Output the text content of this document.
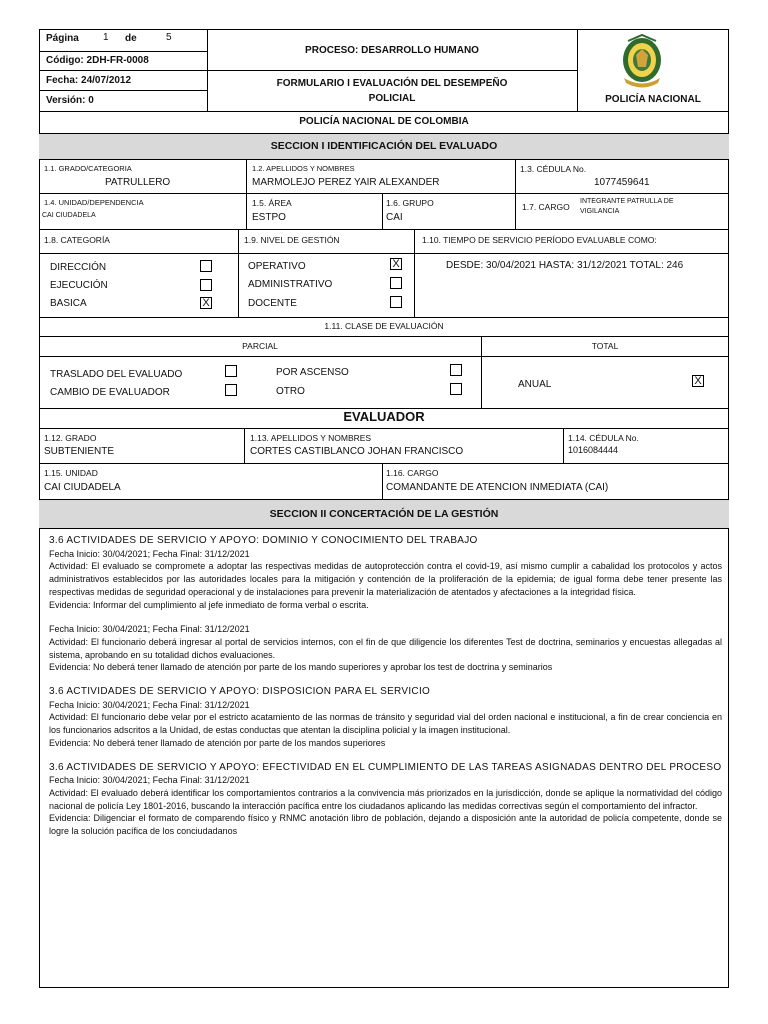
Página 1 de	5
Código: 2DH-FR-0008
Fecha: 24/07/2012
Versión: 0
PROCESO: DESARROLLO HUMANO
FORMULARIO I EVALUACIÓN DEL DESEMPEÑO
POLICIAL	POLICÍA NACIONAL
POLICÍA NACIONAL DE COLOMBIA
SECCION I IDENTIFICACIÓN DEL EVALUADO
1.1. GRADO/CATEGORIA
PATRULLERO
1.2. APELLIDOS Y NOMBRES
MARMOLEJO PEREZ YAIR ALEXANDER
1.3. CÉDULA No.
1077459641
1.4. UNIDAD/DEPENDENCIA
CAI CIUDADELA
1.5. ÁREA
ESTPO
1.6. GRUPO
CAI
1.7. CARGO
INTEGRANTE PATRULLA DE
VIGILANCIA
1.8. CATEGORÍA	1.9. NIVEL DE GESTIÓN	1.10. TIEMPO DE SERVICIO PERÍODO EVALUABLE COMO:
DIRECCIÓN
EJECUCIÓN
BASICA	X
OPERATIVO	X
ADMINISTRATIVO
DOCENTE
DESDE: 30/04/2021 HASTA: 31/12/2021 TOTAL: 246
1.11. CLASE DE EVALUACIÓN
PARCIAL	TOTAL
TRASLADO DEL EVALUADO
CAMBIO DE EVALUADOR
POR ASCENSO
OTRO
ANUAL	X
EVALUADOR
1.12. GRADO
SUBTENIENTE
1.13. APELLIDOS Y NOMBRES
CORTES CASTIBLANCO JOHAN FRANCISCO
1.14. CÉDULA No.
1016084444
1.15. UNIDAD
CAI CIUDADELA
1.16. CARGO
COMANDANTE DE ATENCION INMEDIATA (CAI)
SECCION II CONCERTACIÓN DE LA GESTIÓN

3.6 ACTIVIDADES DE SERVICIO Y APOYO: DOMINIO Y CONOCIMIENTO DEL TRABAJO

Fecha Inicio: 30/04/2021; Fecha Final: 31/12/2021

Actividad: El evaluado se compromete a adoptar las respectivas medidas de autoprotección contra el covid-19, así mismo cumplir a cabalidad los protocolos y actos administrativos establecidos por las autoridades locales para la mitigación y contención de la proliferación de la epidemia; de igual forma debe tener presente las respectivas medidas de seguridad operacional y de instalaciones para prevenir la materialización de atentados y afectaciones a la integridad física.

Evidencia: Informar del cumplimiento al jefe inmediato de forma verbal o escrita.

Fecha Inicio: 30/04/2021; Fecha Final: 31/12/2021

Actividad: El funcionario deberá ingresar al portal de servicios internos, con el fin de que diligencie los diferentes Test de doctrina, seminarios y encuestas allegadas al sistema, aprobando en su totalidad dichos evaluaciones.

Evidencia: No deberá tener llamado de atención por parte de los mando superiores y aprobar los test de doctrina y seminarios

3.6 ACTIVIDADES DE SERVICIO Y APOYO: DISPOSICION PARA EL SERVICIO

Fecha Inicio: 30/04/2021; Fecha Final: 31/12/2021

Actividad: El funcionario debe velar por el estricto acatamiento de las normas de tránsito y seguridad vial del orden nacional e institucional, a fin de crear conciencia en los funcionarios adscritos a la Unidad, de estas conductas que atentan la disciplina policial y la imagen institucional.

Evidencia: No deberá tener llamado de atención por parte de los mandos superiores

3.6 ACTIVIDADES DE SERVICIO Y APOYO: EFECTIVIDAD EN EL CUMPLIMIENTO DE LAS TAREAS ASIGNADAS DENTRO DEL PROCESO

Fecha Inicio: 30/04/2021; Fecha Final: 31/12/2021

Actividad: El evaluado deberá identificar los comportamientos contrarios a la convivencia más priorizados en la jurisdicción, donde se aplique la normatividad del código nacional de policía Ley 1801-2016, buscando la interacción pacífica entre los ciudadanos aplicando las medidas correctivas según el comportamiento del infractor.

Evidencia: Diligenciar el formato de comparendo físico y RNMC anotación libro de población, dejando a disposición ante la autoridad de policía competente, donde se logre la solución pacífica de los conciudadanos
